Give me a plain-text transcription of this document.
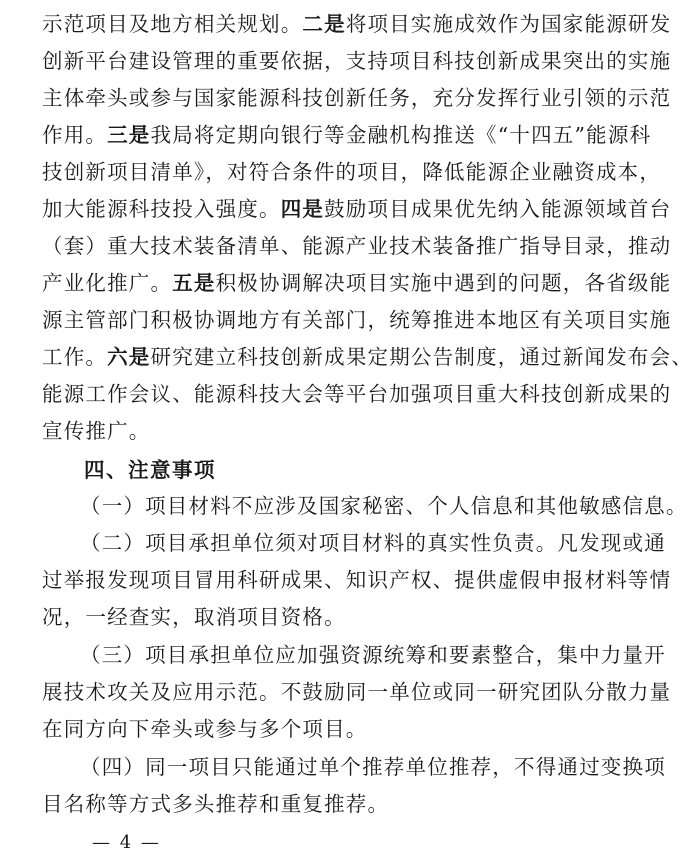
示范项目及地方相关规划。二是将项目实施成效作为国家能源研发
创新平台建设管理的重要依据，支持项目科技创新成果突出的实施
主体牵头或参与国家能源科技创新任务，充分发挥行业引领的示范
作用。三是我局将定期向银行等金融机构推送《“十四五”能源科
技创新项目清单》，对符合条件的项目，降低能源企业融资成本，
加大能源科技投入强度。四是鼓励项目成果优先纳入能源领域首台
（套）重大技术装备清单、能源产业技术装备推广指导目录，推动
产业化推广。五是积极协调解决项目实施中遇到的问题，各省级能
源主管部门积极协调地方有关部门，统筹推进本地区有关项目实施
工作。六是研究建立科技创新成果定期公告制度，通过新闻发布会、
能源工作会议、能源科技大会等平台加强项目重大科技创新成果的
宣传推广。
四、注意事项
（一）项目材料不应涉及国家秘密、个人信息和其他敏感信息。
（二）项目承担单位须对项目材料的真实性负责。凡发现或通
过举报发现项目冒用科研成果、知识产权、提供虚假申报材料等情
况，一经查实，取消项目资格。
（三）项目承担单位应加强资源统筹和要素整合，集中力量开
展技术攻关及应用示范。不鼓励同一单位或同一研究团队分散力量
在同方向下牵头或参与多个项目。
（四）同一项目只能通过单个推荐单位推荐，不得通过变换项
目名称等方式多头推荐和重复推荐。
— 4 —
